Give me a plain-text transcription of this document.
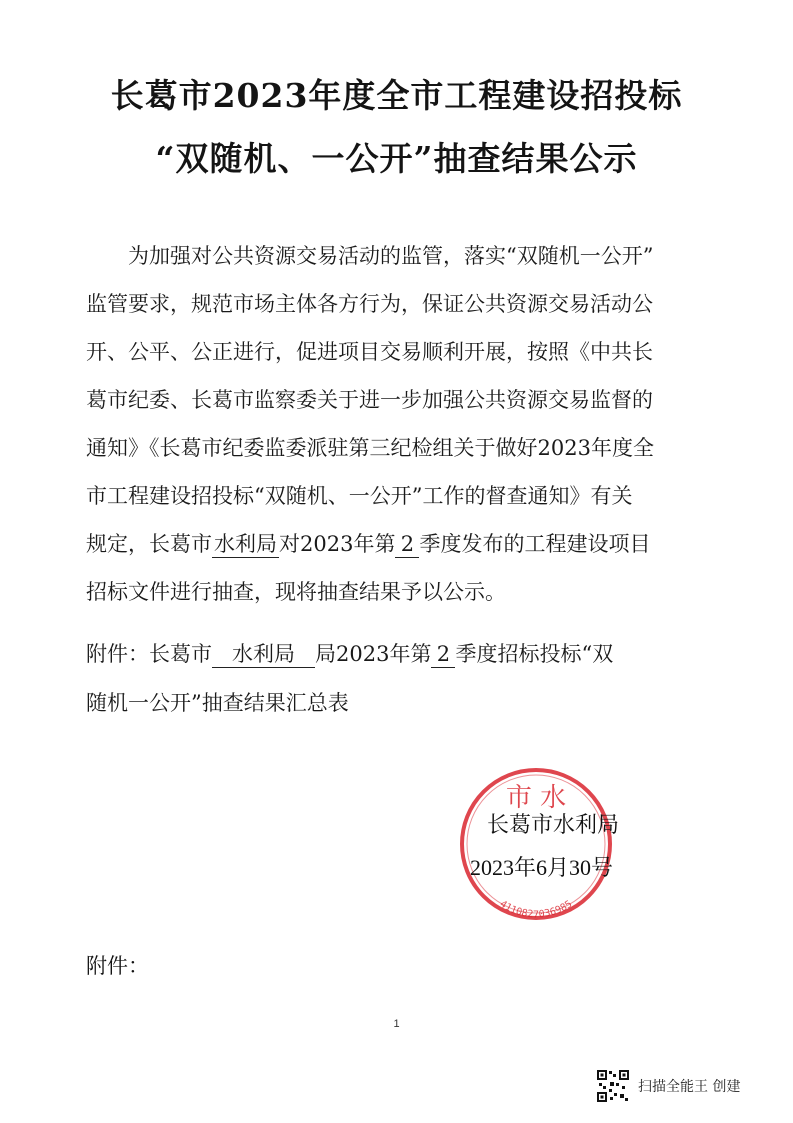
长葛市2023年度全市工程建设招投标
“双随机、一公开”抽查结果公示
为加强对公共资源交易活动的监管，落实“双随机一公开”
监管要求，规范市场主体各方行为，保证公共资源交易活动公
开、公平、公正进行，促进项目交易顺利开展，按照《中共长
葛市纪委、长葛市监察委关于进一步加强公共资源交易监督的
通知》《长葛市纪委监委派驻第三纪检组关于做好2023年度全
市工程建设招投标“双随机、一公开”工作的督查通知》有关
规定，长葛市水利局对2023年第 2 季度发布的工程建设项目
招标文件进行抽查，现将抽查结果予以公示。
附件：长葛市 水利局 局2023年第 2 季度招标投标“双
随机一公开”抽查结果汇总表
市 水
4110827036985
长葛市水利局
2023年6月30号
附件：
1
扫描全能王 创建
